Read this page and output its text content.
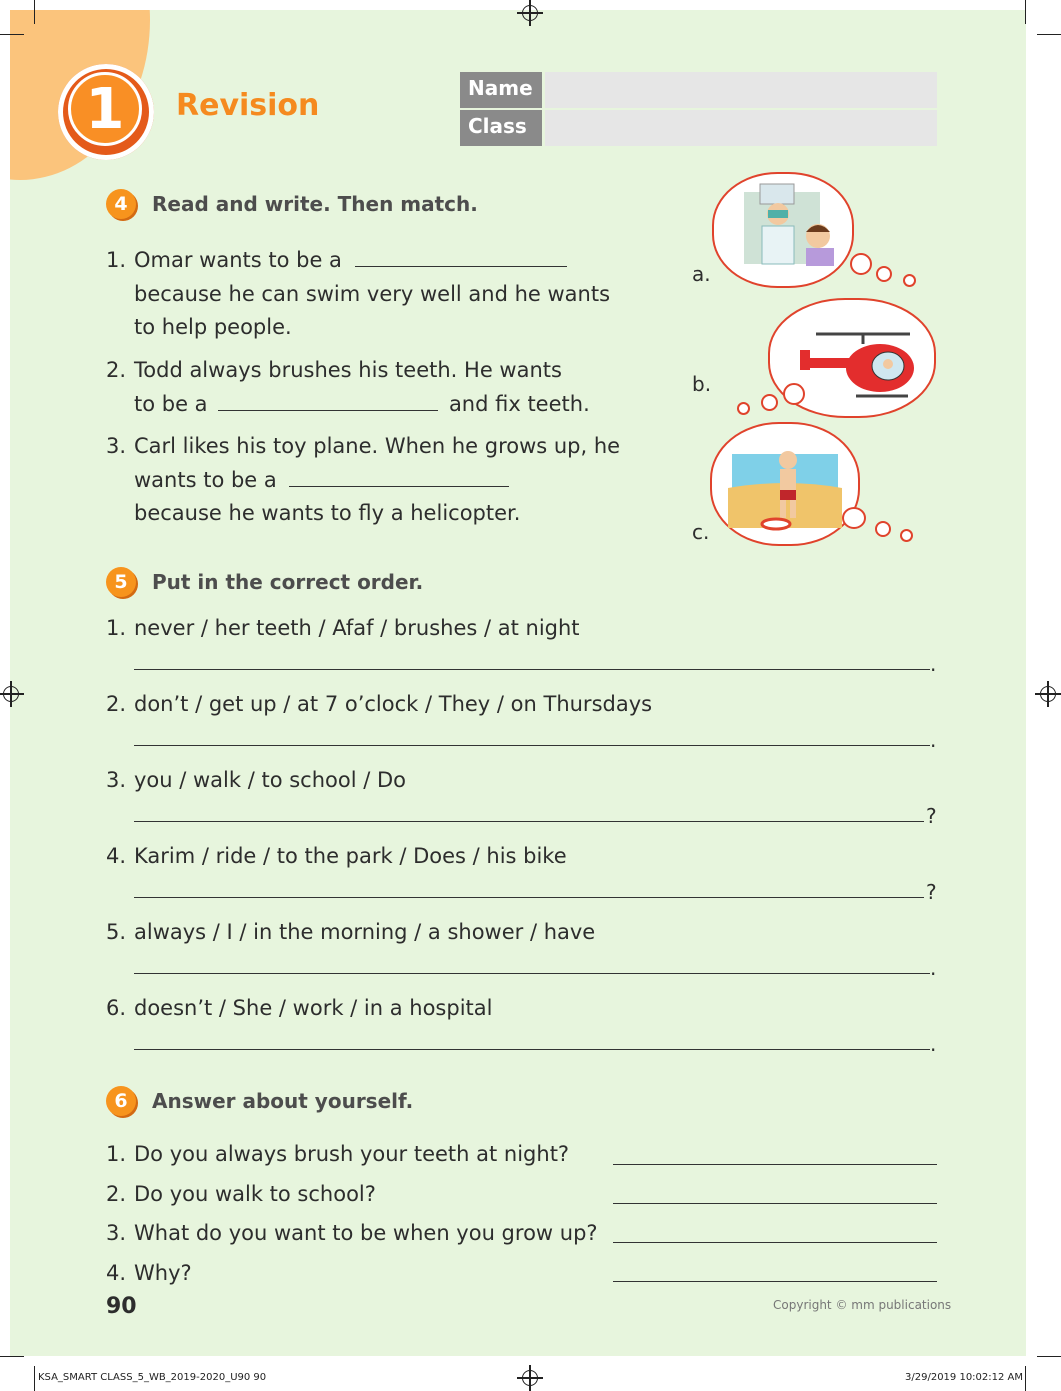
1	Revision	Name
Class
4	Read and write. Then match.
1. Omar wants to be a
because he can swim very well and he wants
to help people.
2. Todd always brushes his teeth. He wants
to be a	and fix teeth.
3. Carl likes his toy plane. When he grows up, he
wants to be a
because he wants to fly a helicopter.
a.
b.
c.
5	Put in the correct order.
1. never / her teeth / Afaf / brushes / at night
.
2. don’t / get up / at 7 o’clock / They / on Thursdays
.
3. you / walk / to school / Do
?
4. Karim / ride / to the park / Does / his bike
?
5. always / I / in the morning / a shower / have
.
6. doesn’t / She / work / in a hospital
.
6	Answer about yourself.
1. Do you always brush your teeth at night?
2. Do you walk to school?
3. What do you want to be when you grow up?
4. Why?
90	Copyright © mm publications
KSA_SMART CLASS_5_WB_2019-2020_U90 90	3/29/2019 10:02:12 AM
